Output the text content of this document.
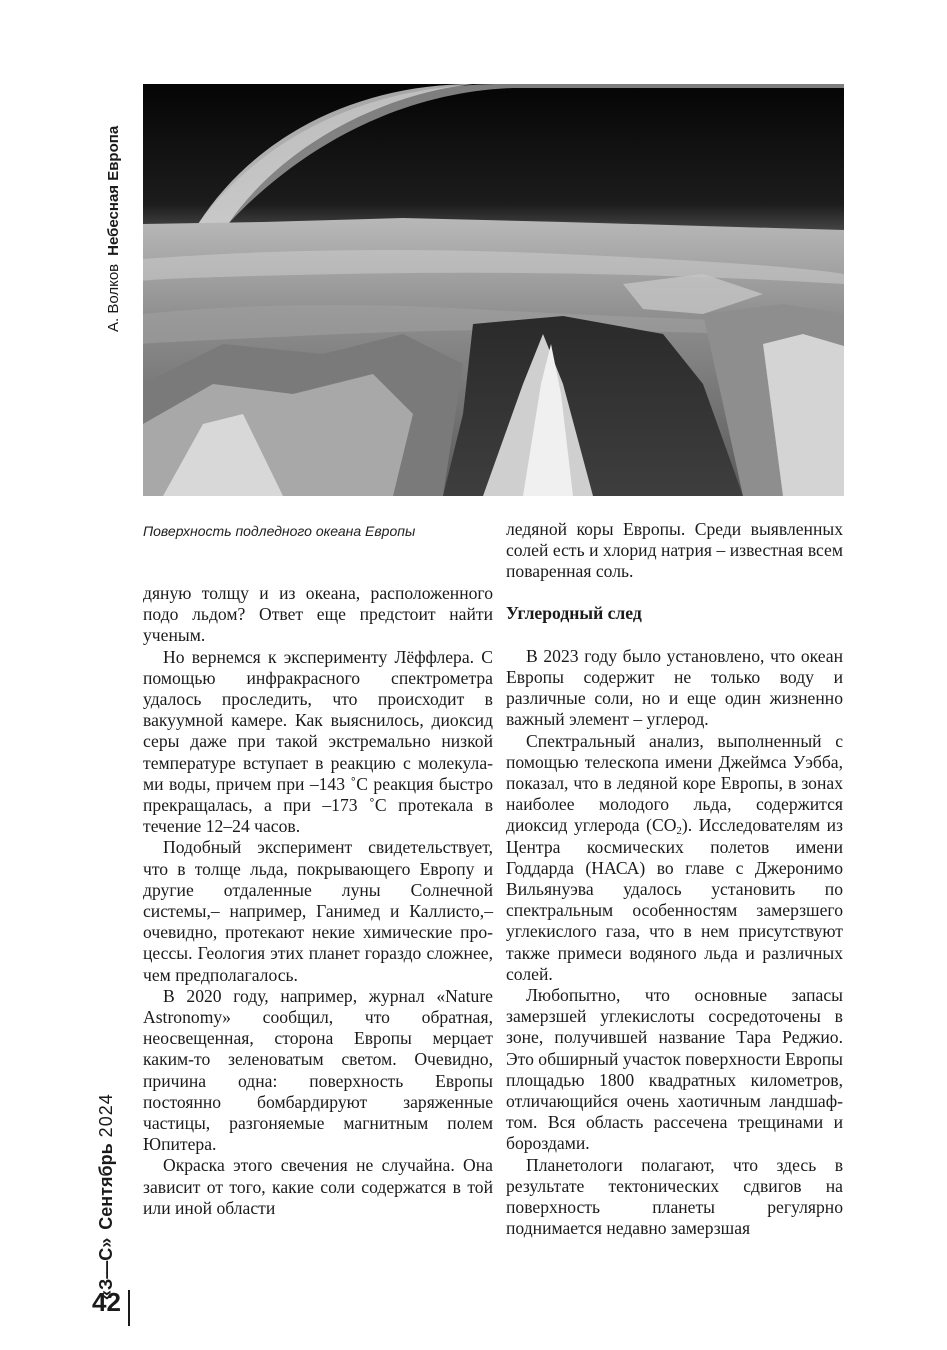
А. ВолковНебесная Европа
«З—С»Сентябрь2024
42
Поверхность подледного океана Европы

дяную толщу и из океана, расположенного подо льдом? Ответ еще предстоит найти ученым.

Но вернемся к эксперименту Лёффлера. С помощью инфракрасного спектрометра удалось проследить, что происходит в вакуумной камере. Как выяснилось, диоксид серы даже при такой экстремально низкой температуре вступает в реакцию с молекулами воды, причем при –143 ˚C реакция быстро прекращалась, а при –173 ˚C протекала в течение 12–24 часов.

Подобный эксперимент свидетельствует, что в толще льда, покрывающего Европу и другие отдаленные луны Солнечной системы,– например, Ганимед и Каллисто,– очевидно, протекают некие химические процессы. Геология этих планет гораздо сложнее, чем предполагалось.

В 2020 году, например, журнал «Nature Astronomy» сообщил, что обратная, неосвещенная, сторона Европы мерцает каким-то зеленоватым светом. Очевидно, причина одна: поверхность Европы постоянно бомбардируют заряженные частицы, разгоняемые магнитным полем Юпитера.

Окраска этого свечения не случайна. Она зависит от того, какие соли содержатся в той или иной области

ледяной коры Европы. Среди выявленных солей есть и хлорид натрия – известная всем поваренная соль.

Углеродный след

В 2023 году было установлено, что океан Европы содержит не только воду и различные соли, но и еще один жизненно важный элемент – углерод.

Спектральный анализ, выполненный с помощью телескопа имени Джеймса Уэбба, показал, что в ледяной коре Европы, в зонах наиболее молодого льда, содержится диоксид углерода $(CO_2)$. Исследователям из Центра космических полетов имени Годдарда (НАСА) во главе с Джеронимо Вильянуэва удалось установить по спектральным особенностям замерзшего углекислого газа, что в нем присутствуют также примеси водяного льда и различных солей.

Любопытно, что основные запасы замерзшей углекислоты сосредоточены в зоне, получившей название Тара Реджио. Это обширный участок поверхности Европы площадью 1800 квадратных километров, отличающийся очень хаотичным ландшафтом. Вся область рассечена трещинами и бороздами.

Планетологи полагают, что здесь в результате тектонических сдвигов на поверхность планеты регулярно поднимается недавно замерзшая
